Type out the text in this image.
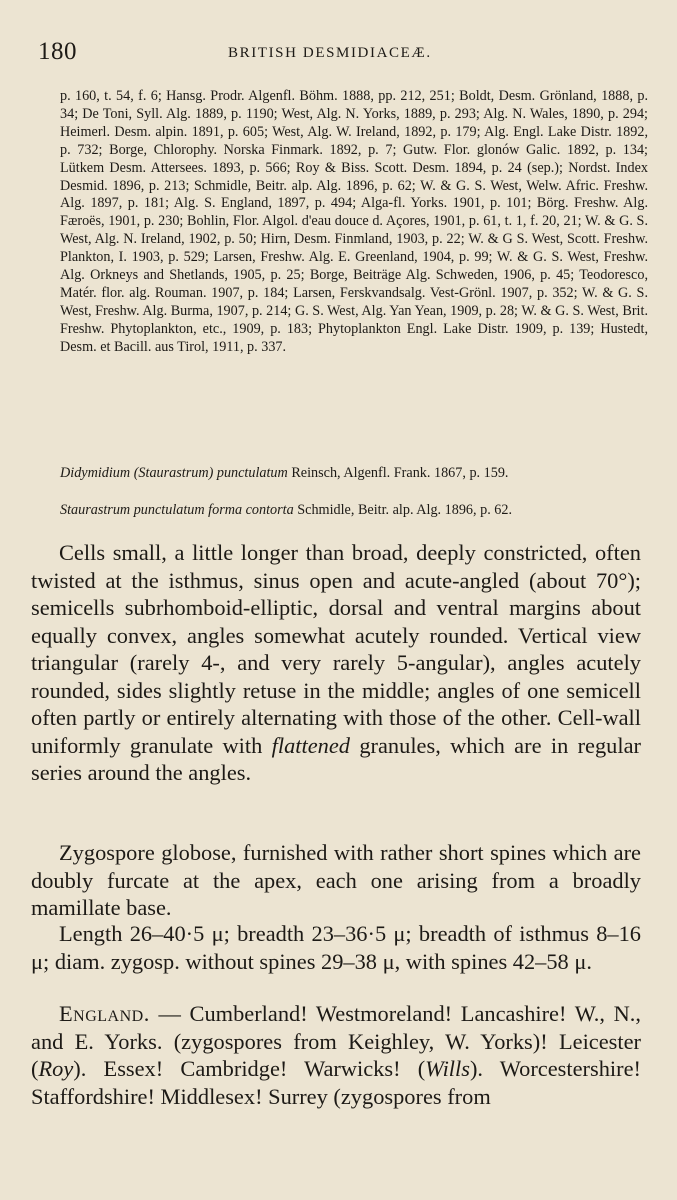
180	BRITISH DESMIDIACEÆ.

p. 160, t. 54, f. 6; Hansg. Prodr. Algenfl. Böhm. 1888, pp. 212, 251; Boldt, Desm. Grönland, 1888, p. 34; De Toni, Syll. Alg. 1889, p. 1190; West, Alg. N. Yorks, 1889, p. 293; Alg. N. Wales, 1890, p. 294; Heimerl. Desm. alpin. 1891, p. 605; West, Alg. W. Ireland, 1892, p. 179; Alg. Engl. Lake Distr. 1892, p. 732; Borge, Chlorophy. Norska Finmark. 1892, p. 7; Gutw. Flor. glonów Galic. 1892, p. 134; Lütkem Desm. Attersees. 1893, p. 566; Roy & Biss. Scott. Desm. 1894, p. 24 (sep.); Nordst. Index Desmid. 1896, p. 213; Schmidle, Beitr. alp. Alg. 1896, p. 62; W. & G. S. West, Welw. Afric. Freshw. Alg. 1897, p. 181; Alg. S. England, 1897, p. 494; Alga-fl. Yorks. 1901, p. 101; Börg. Freshw. Alg. Færoës, 1901, p. 230; Bohlin, Flor. Algol. d'eau douce d. Açores, 1901, p. 61, t. 1, f. 20, 21; W. & G. S. West, Alg. N. Ireland, 1902, p. 50; Hirn, Desm. Finmland, 1903, p. 22; W. & G S. West, Scott. Freshw. Plankton, I. 1903, p. 529; Larsen, Freshw. Alg. E. Greenland, 1904, p. 99; W. & G. S. West, Freshw. Alg. Orkneys and Shetlands, 1905, p. 25; Borge, Beiträge Alg. Schweden, 1906, p. 45; Teodoresco, Matér. flor. alg. Rouman. 1907, p. 184; Larsen, Ferskvandsalg. Vest-Grönl. 1907, p. 352; W. & G. S. West, Freshw. Alg. Burma, 1907, p. 214; G. S. West, Alg. Yan Yean, 1909, p. 28; W. & G. S. West, Brit. Freshw. Phytoplankton, etc., 1909, p. 183; Phytoplankton Engl. Lake Distr. 1909, p. 139; Hustedt, Desm. et Bacill. aus Tirol, 1911, p. 337.

Didymidium (Staurastrum) punctulatum Reinsch, Algenfl. Frank. 1867, p. 159.

Staurastrum punctulatum forma contorta Schmidle, Beitr. alp. Alg. 1896, p. 62.

Cells small, a little longer than broad, deeply constricted, often twisted at the isthmus, sinus open and acute-angled (about 70°); semicells subrhomboid-elliptic, dorsal and ventral margins about equally convex, angles somewhat acutely rounded. Vertical view triangular (rarely 4-, and very rarely 5-angular), angles acutely rounded, sides slightly retuse in the middle; angles of one semicell often partly or entirely alternating with those of the other. Cell-wall uniformly granulate with flattened granules, which are in regular series around the angles.

Zygospore globose, furnished with rather short spines which are doubly furcate at the apex, each one arising from a broadly mamillate base.

Length 26–40·5 μ; breadth 23–36·5 μ; breadth of isthmus 8–16 μ; diam. zygosp. without spines 29–38 μ, with spines 42–58 μ.

England. — Cumberland! Westmoreland! Lancashire! W., N., and E. Yorks. (zygospores from Keighley, W. Yorks)! Leicester (Roy). Essex! Cambridge! Warwicks! (Wills). Worcestershire! Staffordshire! Middlesex! Surrey (zygospores from
